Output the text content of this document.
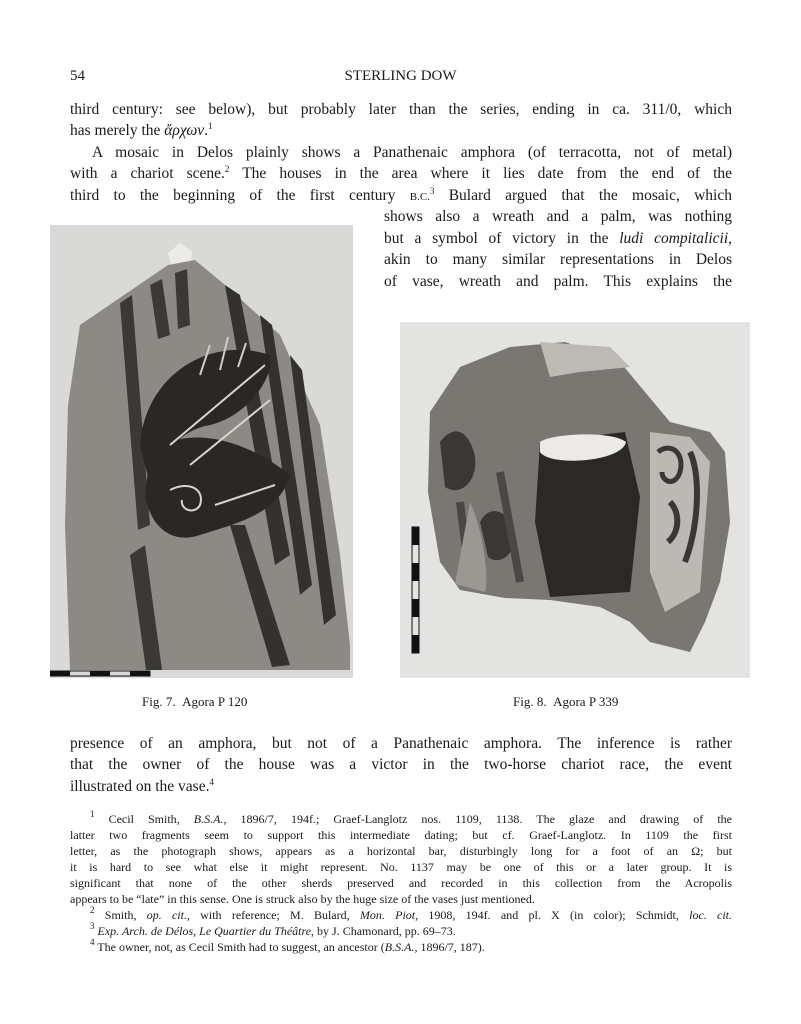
54	STERLING DOW
third century: see below), but probably later than the series, ending in ca. 311/0, which
has merely the ἄρχων.$^1$
A mosaic in Delos plainly shows a Panathenaic amphora (of terracotta, not of metal)
with a chariot scene.$^2$ The houses in the area where it lies date from the end of the
third to the beginning of the first century B.C.$^3$ Bulard argued that the mosaic, which
shows also a wreath and a palm, was nothing
but a symbol of victory in the ludi compitalicii,
akin to many similar representations in Delos
of vase, wreath and palm. This explains the
Fig. 7. Agora P 120	Fig. 8. Agora P 339
presence of an amphora, but not of a Panathenaic amphora. The inference is rather
that the owner of the house was a victor in the two-horse chariot race, the event
illustrated on the vase.$^4$
$^1$ Cecil Smith, B.S.A., 1896/7, 194f.; Graef-Langlotz nos. 1109, 1138. The glaze and drawing of the
latter two fragments seem to support this intermediate dating; but cf. Graef-Langlotz. In 1109 the first
letter, as the photograph shows, appears as a horizontal bar, disturbingly long for a foot of an Ω; but
it is hard to see what else it might represent. No. 1137 may be one of this or a later group. It is
significant that none of the other sherds preserved and recorded in this collection from the Acropolis
appears to be “late” in this sense. One is struck also by the huge size of the vases just mentioned.
$^2$ Smith, op. cit., with reference; M. Bulard, Mon. Piot, 1908, 194f. and pl. X (in color); Schmidt, loc. cit.
$^3$ Exp. Arch. de Délos, Le Quartier du Théâtre, by J. Chamonard, pp. 69–73.
$^4$ The owner, not, as Cecil Smith had to suggest, an ancestor (B.S.A., 1896/7, 187).
